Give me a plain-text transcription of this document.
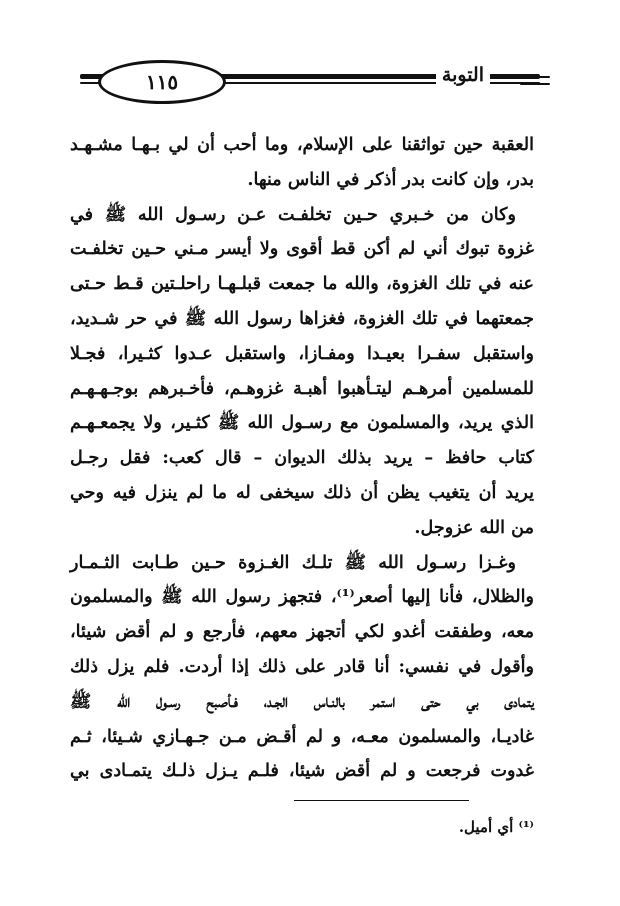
١١٥	التوبة
العقبة حين تواثقنا على الإسلام، وما أحب أن لي بـهـا مشـهـد
بدر، وإن كانت بدر أذكر في الناس منها.
وكان من خـبري حـين تخلفـت عـن رسـول الله ﷺ في
غزوة تبوك أني لم أكن قط أقوى ولا أيسر مـني حـين تخلفـت
عنه في تلك الغزوة، والله ما جمعت قبلـهـا راحلـتين قـط حـتى
جمعتهما في تلك الغزوة، فغزاها رسول الله ﷺ في حر شـديد،
واستقبل سفـرا بعيـدا ومفـازا، واستقبل عـدوا كثـيرا، فجـلا
للمسلمين أمرهـم ليتـأهبوا أهبـة غزوهـم، فأخـبرهم بوجـهـهـم
الذي يريد، والمسلمون مع رسـول الله ﷺ كثـير، ولا يجمعـهـم
كتاب حافظ – يريد بذلك الديوان – قال كعب: فقل رجـل
يريد أن يتغيب يظن أن ذلك سيخفى له ما لم ينزل فيه وحي
من الله عزوجل.
وغـزا رسـول الله ﷺ تلـك الغـزوة حـين طـابت الثـمـار
والظلال، فأنا إليها أصعر⁽¹⁾، فتجهز رسول الله ﷺ والمسلمون
معه، وطفقت أغدو لكي أتجهز معهم، فأرجع و لم أقض شيئا،
وأقول في نفسي: أنا قادر على ذلك إذا أردت. فلم يزل ذلك
يتمادى بي حتى استمر بالنـاس الجـد، فـأصبح رسـول الله ﷺ
غاديـا، والمسلمون معـه، و لم أقـض مـن جـهـازي شـيئا، ثـم
غدوت فرجعت و لم أقض شيئا، فلـم يـزل ذلـك يتمـادى بي
⁽¹⁾ أي أميل.
